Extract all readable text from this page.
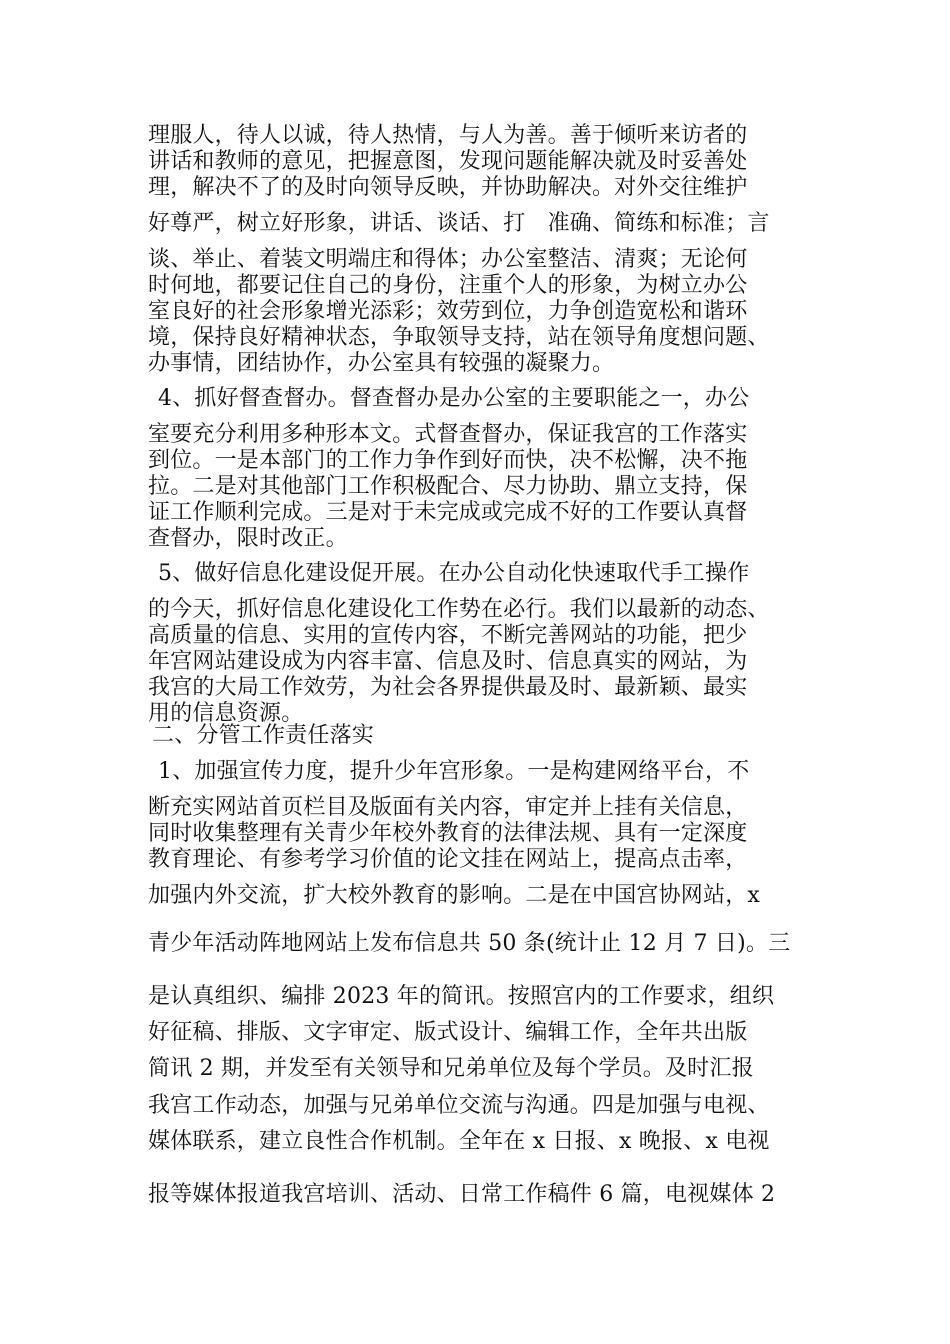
理服人，待人以诚，待人热情，与人为善。善于倾听来访者的
讲话和教师的意见，把握意图，发现问题能解决就及时妥善处
理，解决不了的及时向领导反映，并协助解决。对外交往维护
好尊严，树立好形象，讲话、谈话、打　准确、简练和标准；言
谈、举止、着装文明端庄和得体；办公室整洁、清爽；无论何
时何地，都要记住自己的身份，注重个人的形象，为树立办公
室良好的社会形象增光添彩；效劳到位，力争创造宽松和谐环
境，保持良好精神状态，争取领导支持，站在领导角度想问题、
办事情，团结协作，办公室具有较强的凝聚力。
4、抓好督查督办。督查督办是办公室的主要职能之一，办公
室要充分利用多种形本文。式督查督办，保证我宫的工作落实
到位。一是本部门的工作力争作到好而快，决不松懈，决不拖
拉。二是对其他部门工作积极配合、尽力协助、鼎立支持，保
证工作顺利完成。三是对于未完成或完成不好的工作要认真督
查督办，限时改正。
5、做好信息化建设促开展。在办公自动化快速取代手工操作
的今天，抓好信息化建设化工作势在必行。我们以最新的动态、
高质量的信息、实用的宣传内容，不断完善网站的功能，把少
年宫网站建设成为内容丰富、信息及时、信息真实的网站，为
我宫的大局工作效劳，为社会各界提供最及时、最新颖、最实
用的信息资源。
二、分管工作责任落实
1、加强宣传力度，提升少年宫形象。一是构建网络平台，不
断充实网站首页栏目及版面有关内容，审定并上挂有关信息，
同时收集整理有关青少年校外教育的法律法规、具有一定深度
教育理论、有参考学习价值的论文挂在网站上，提高点击率，
加强内外交流，扩大校外教育的影响。二是在中国宫协网站，x
青少年活动阵地网站上发布信息共 50 条(统计止 12 月 7 日)。三
是认真组织、编排 2023 年的简讯。按照宫内的工作要求，组织
好征稿、排版、文字审定、版式设计、编辑工作，全年共出版
简讯 2 期，并发至有关领导和兄弟单位及每个学员。及时汇报
我宫工作动态，加强与兄弟单位交流与沟通。四是加强与电视、
媒体联系，建立良性合作机制。全年在 x 日报、x 晚报、x 电视
报等媒体报道我宫培训、活动、日常工作稿件 6 篇，电视媒体 2
